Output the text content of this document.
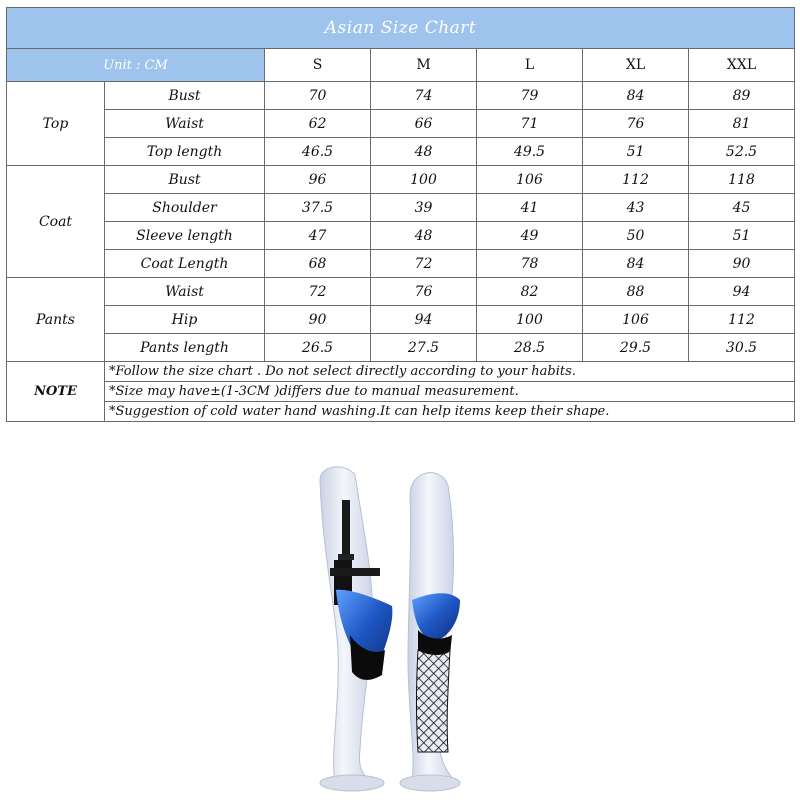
Asian Size Chart						
Unit : CM		S	M	L	XL	XXL
Top	Bust	70	74	79	84	89
	Waist	62	66	71	76	81
	Top length	46.5	48	49.5	51	52.5
Coat	Bust	96	100	106	112	118
	Shoulder	37.5	39	41	43	45
	Sleeve length	47	48	49	50	51
	Coat Length	68	72	78	84	90
Pants	Waist	72	76	82	88	94
	Hip	90	94	100	106	112
	Pants length	26.5	27.5	28.5	29.5	30.5
NOTE	*Follow the size chart . Do not select directly according to your habits.					
	*Size may have±(1-3CM )differs due to manual measurement.					
	*Suggestion of cold water hand washing.It can help items keep their shape.					
